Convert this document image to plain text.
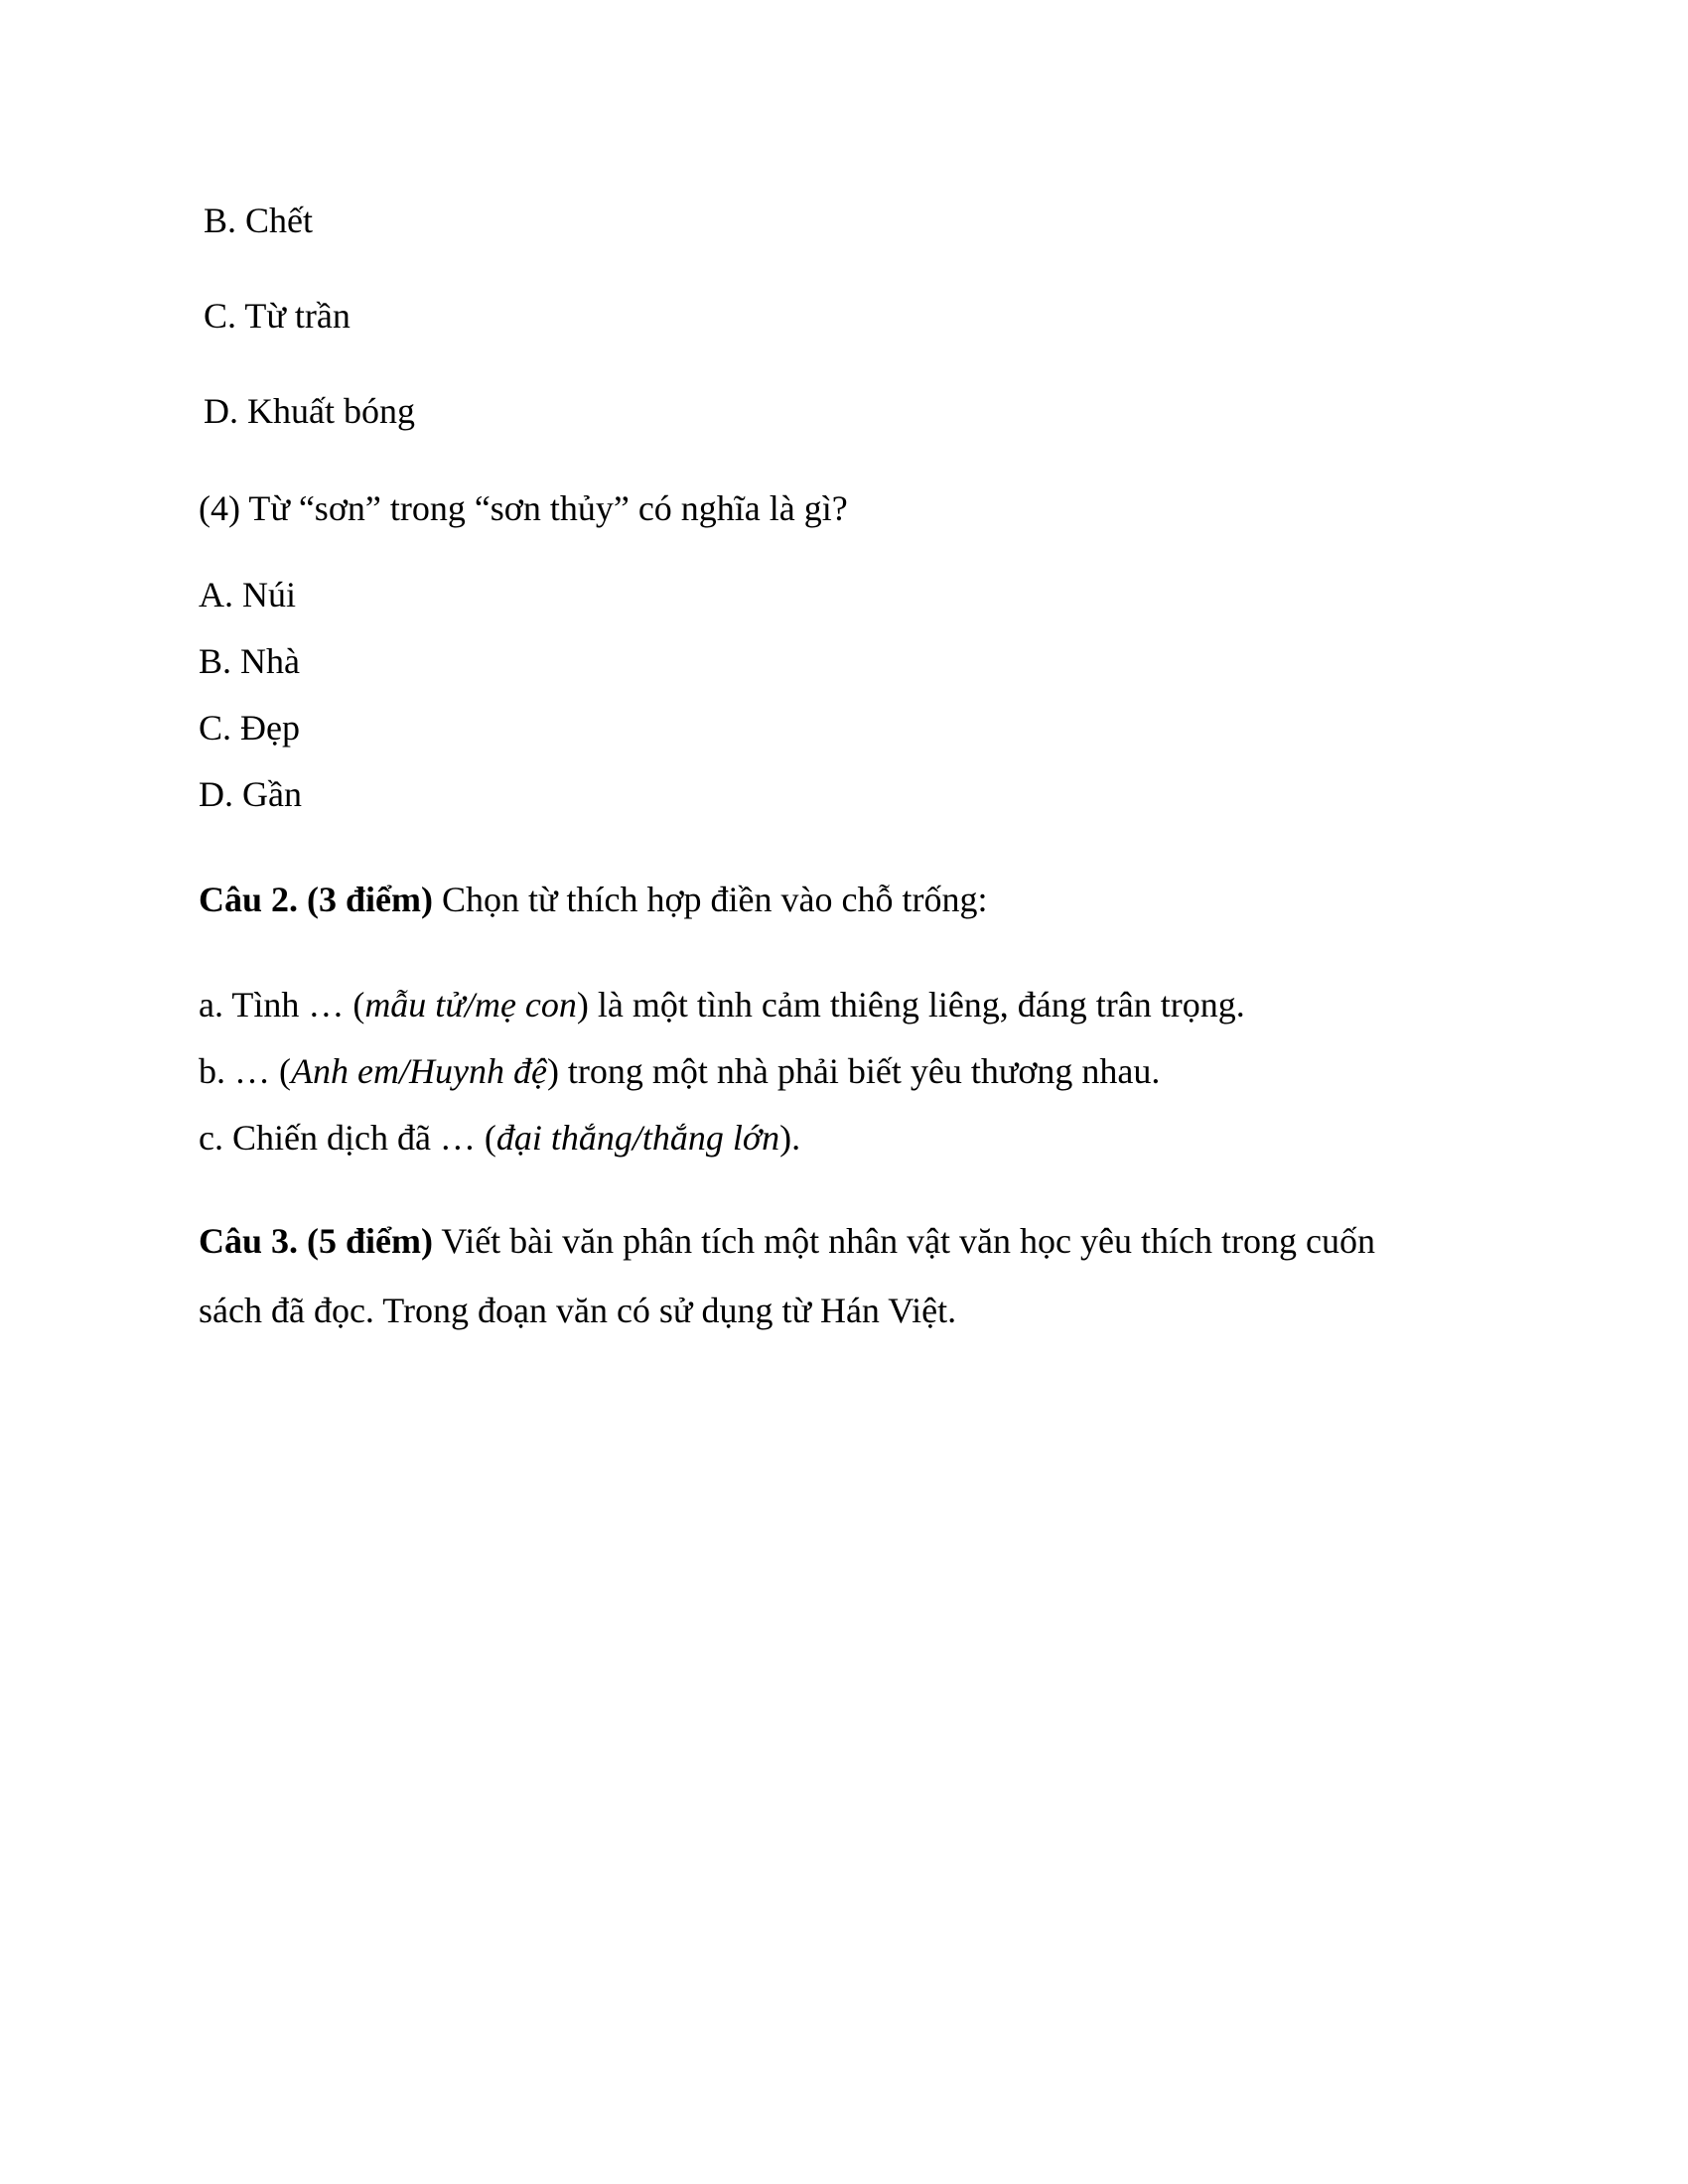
B. Chết
C. Từ trần
D. Khuất bóng
(4) Từ “sơn” trong “sơn thủy” có nghĩa là gì?
A. Núi
B. Nhà
C. Đẹp
D. Gần
Câu 2. (3 điểm) Chọn từ thích hợp điền vào chỗ trống:
a. Tình … (mẫu tử/mẹ con) là một tình cảm thiêng liêng, đáng trân trọng.
b. … (Anh em/Huynh đệ) trong một nhà phải biết yêu thương nhau.
c. Chiến dịch đã … (đại thắng/thắng lớn).
Câu 3. (5 điểm) Viết bài văn phân tích một nhân vật văn học yêu thích trong cuốn
sách đã đọc. Trong đoạn văn có sử dụng từ Hán Việt.
